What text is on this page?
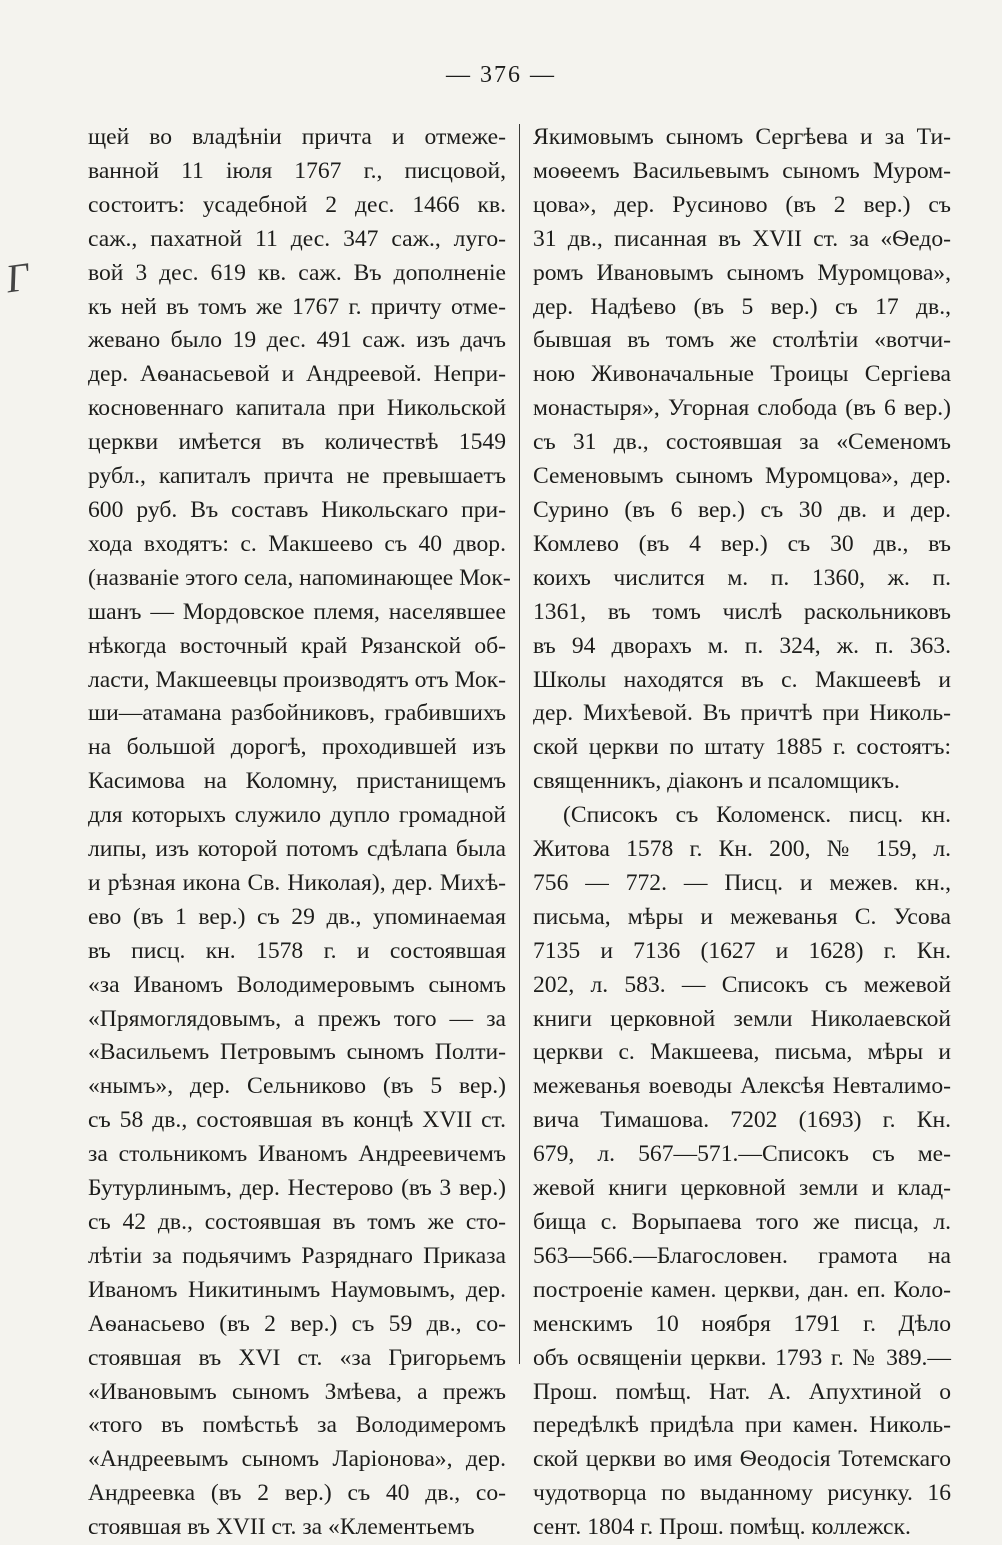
— 376 —
Г
щей во владѣніи причта и отмеже-
ванной 11 іюля 1767 г., писцовой,
состоитъ: усадебной 2 дес. 1466 кв.
саж., пахатной 11 дес. 347 саж., луго-
вой 3 дес. 619 кв. саж. Въ дополненіе
къ ней въ томъ же 1767 г. причту отме-
жевано было 19 дес. 491 саж. изъ дачъ
дер. Аѳанасьевой и Андреевой. Непри-
косновеннаго капитала при Никольской
церкви имѣется въ количествѣ 1549
рубл., капиталъ причта не превышаетъ
600 руб. Въ составъ Никольскаго при-
хода входятъ: с. Макшеево съ 40 двор.
(названіе этого села, напоминающее Мок-
шанъ — Мордовское племя, населявшее
нѣкогда восточный край Рязанской об-
ласти, Макшеевцы производятъ отъ Мок-
ши—атамана разбойниковъ, грабившихъ
на большой дорогѣ, проходившей изъ
Касимова на Коломну, пристанищемъ
для которыхъ служило дупло громадной
липы, изъ которой потомъ сдѣлапа была
и рѣзная икона Св. Николая), дер. Михѣ-
ево (въ 1 вер.) съ 29 дв., упоминаемая
въ писц. кн. 1578 г. и состоявшая
«за Иваномъ Володимеровымъ сыномъ
«Прямоглядовымъ, а прежъ того — за
«Васильемъ Петровымъ сыномъ Полти-
«нымъ», дер. Сельниково (въ 5 вер.)
съ 58 дв., состоявшая въ концѣ XVII ст.
за стольникомъ Иваномъ Андреевичемъ
Бутурлинымъ, дер. Нестерово (въ 3 вер.)
съ 42 дв., состоявшая въ томъ же сто-
лѣтіи за подьячимъ Разряднаго Приказа
Иваномъ Никитинымъ Наумовымъ, дер.
Аѳанасьево (въ 2 вер.) съ 59 дв., со-
стоявшая въ XVI ст. «за Григорьемъ
«Ивановымъ сыномъ Змѣева, а прежъ
«того въ помѣстьѣ за Володимеромъ
«Андреевымъ сыномъ Ларіонова», дер.
Андреевка (въ 2 вер.) съ 40 дв., со-
стоявшая въ XVII ст. за «Клементьемъ
Якимовымъ сыномъ Сергѣева и за Ти-
моѳеемъ Васильевымъ сыномъ Муром-
цова», дер. Русиново (въ 2 вер.) съ
31 дв., писанная въ XVII ст. за «Ѳедо-
ромъ Ивановымъ сыномъ Муромцова»,
дер. Надѣево (въ 5 вер.) съ 17 дв.,
бывшая въ томъ же столѣтіи «вотчи-
ною Живоначальные Троицы Сергіева
монастыря», Угорная слобода (въ 6 вер.)
съ 31 дв., состоявшая за «Семеномъ
Семеновымъ сыномъ Муромцова», дер.
Сурино (въ 6 вер.) съ 30 дв. и дер.
Комлево (въ 4 вер.) съ 30 дв., въ
коихъ числится м. п. 1360, ж. п.
1361, въ томъ числѣ раскольниковъ
въ 94 дворахъ м. п. 324, ж. п. 363.
Школы находятся въ с. Макшеевѣ и
дер. Михѣевой. Въ причтѣ при Николь-
ской церкви по штату 1885 г. состоятъ:
священникъ, діаконъ и псаломщикъ.
(Списокъ съ Коломенск. писц. кн.
Житова 1578 г. Кн. 200, № 159, л.
756 — 772. — Писц. и межев. кн.,
письма, мѣры и межеванья С. Усова
7135 и 7136 (1627 и 1628) г. Кн.
202, л. 583. — Списокъ съ межевой
книги церковной земли Николаевской
церкви с. Макшеева, письма, мѣры и
межеванья воеводы Алексѣя Невталимо-
вича Тимашова. 7202 (1693) г. Кн.
679, л. 567—571.—Списокъ съ ме-
жевой книги церковной земли и клад-
бища с. Ворыпаева того же писца, л.
563—566.—Благословен. грамота на
построеніе камен. церкви, дан. еп. Коло-
менскимъ 10 ноября 1791 г. Дѣло
объ освященіи церкви. 1793 г. № 389.—
Прош. помѣщ. Нат. А. Апухтиной о
передѣлкѣ придѣла при камен. Николь-
ской церкви во имя Ѳеодосія Тотемскаго
чудотворца по выданному рисунку. 16
сент. 1804 г. Прош. помѣщ. коллежск.
